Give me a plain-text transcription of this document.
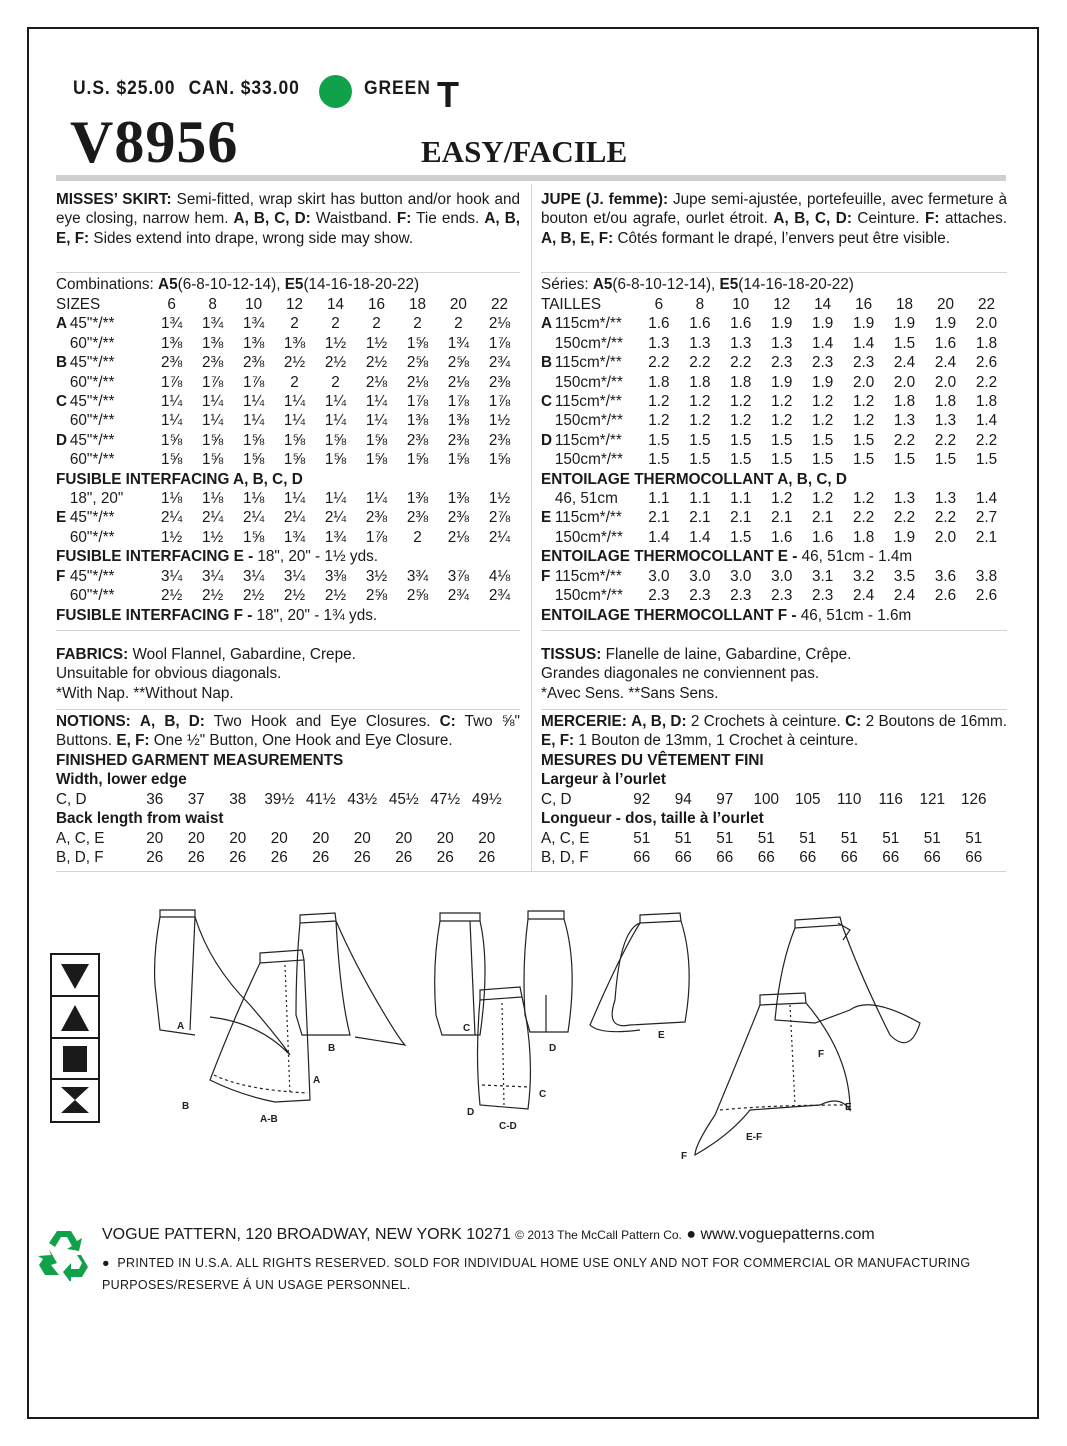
U.S. $25.00 CAN. $33.00	GREEN T
V8956	EASY/FACILE

MISSES’ SKIRT: Semi-fitted, wrap skirt has button and/or hook and eye closing, narrow hem. A, B, C, D: Waistband. F: Tie ends. A, B, E, F: Sides extend into drape, wrong side may show.

Combinations: A5(6-8-10-12-14), E5(14-16-18-20-22)
SIZES		6	8	10	12	14	16	18	20	22
A	45"*/**	1¾	1¾	1¾	2	2	2	2	2	2⅛
	60"*/**	1⅜	1⅜	1⅜	1⅜	1½	1½	1⅝	1¾	1⅞
B	45"*/**	2⅜	2⅜	2⅜	2½	2½	2½	2⅝	2⅝	2¾
	60"*/**	1⅞	1⅞	1⅞	2	2	2⅛	2⅛	2⅛	2⅜
C	45"*/**	1¼	1¼	1¼	1¼	1¼	1¼	1⅞	1⅞	1⅞
	60"*/**	1¼	1¼	1¼	1¼	1¼	1¼	1⅜	1⅜	1½
D	45"*/**	1⅝	1⅝	1⅝	1⅝	1⅝	1⅝	2⅜	2⅜	2⅜
	60"*/**	1⅝	1⅝	1⅝	1⅝	1⅝	1⅝	1⅝	1⅝	1⅝
FUSIBLE INTERFACING A, B, C, D										
	18", 20"	1⅛	1⅛	1⅛	1¼	1¼	1¼	1⅜	1⅜	1½
E	45"*/**	2¼	2¼	2¼	2¼	2¼	2⅜	2⅜	2⅜	2⅞
	60"*/**	1½	1½	1⅝	1¾	1¾	1⅞	2	2⅛	2¼
FUSIBLE INTERFACING E - 18", 20" - 1½ yds.										
F	45"*/**	3¼	3¼	3¼	3¼	3⅜	3½	3¾	3⅞	4⅛
	60"*/**	2½	2½	2½	2½	2½	2⅝	2⅝	2¾	2¾
FUSIBLE INTERFACING F - 18", 20" - 1¾ yds.										

FABRICS: Wool Flannel, Gabardine, Crepe.

Unsuitable for obvious diagonals.

*With Nap. **Without Nap.

NOTIONS: A, B, D: Two Hook and Eye Closures. C: Two ⅝" Buttons. E, F: One ½" Button, One Hook and Eye Closure.

FINISHED GARMENT MEASUREMENTS

Width, lower edge

C, D	36	37	38	39½	41½	43½	45½	47½	49½

Back length from waist

A, C, E	20	20	20	20	20	20	20	20	20
B, D, F	26	26	26	26	26	26	26	26	26

JUPE (J. femme): Jupe semi-ajustée, portefeuille, avec fermeture à bouton et/ou agrafe, ourlet étroit. A, B, C, D: Ceinture. F: attaches. A, B, E, F: Côtés formant le drapé, l’envers peut être visible.

Séries: A5(6-8-10-12-14), E5(14-16-18-20-22)
TAILLES		6	8	10	12	14	16	18	20	22
A	115cm*/**	1.6	1.6	1.6	1.9	1.9	1.9	1.9	1.9	2.0
	150cm*/**	1.3	1.3	1.3	1.3	1.4	1.4	1.5	1.6	1.8
B	115cm*/**	2.2	2.2	2.2	2.3	2.3	2.3	2.4	2.4	2.6
	150cm*/**	1.8	1.8	1.8	1.9	1.9	2.0	2.0	2.0	2.2
C	115cm*/**	1.2	1.2	1.2	1.2	1.2	1.2	1.8	1.8	1.8
	150cm*/**	1.2	1.2	1.2	1.2	1.2	1.2	1.3	1.3	1.4
D	115cm*/**	1.5	1.5	1.5	1.5	1.5	1.5	2.2	2.2	2.2
	150cm*/**	1.5	1.5	1.5	1.5	1.5	1.5	1.5	1.5	1.5
ENTOILAGE THERMOCOLLANT A, B, C, D										
	46, 51cm	1.1	1.1	1.1	1.2	1.2	1.2	1.3	1.3	1.4
E	115cm*/**	2.1	2.1	2.1	2.1	2.1	2.2	2.2	2.2	2.7
	150cm*/**	1.4	1.4	1.5	1.6	1.6	1.8	1.9	2.0	2.1
ENTOILAGE THERMOCOLLANT E - 46, 51cm - 1.4m										
F	115cm*/**	3.0	3.0	3.0	3.0	3.1	3.2	3.5	3.6	3.8
	150cm*/**	2.3	2.3	2.3	2.3	2.3	2.4	2.4	2.6	2.6
ENTOILAGE THERMOCOLLANT F - 46, 51cm - 1.6m										

TISSUS: Flanelle de laine, Gabardine, Crêpe.

Grandes diagonales ne conviennent pas.

*Avec Sens. **Sans Sens.

MERCERIE: A, B, D: 2 Crochets à ceinture. C: 2 Boutons de 16mm. E, F: 1 Bouton de 13mm, 1 Crochet à ceinture.

MESURES DU VÊTEMENT FINI

Largeur à l’ourlet

C, D	92	94	97	100	105	110	116	121	126

Longueur - dos, taille à l’ourlet

A, C, E	51	51	51	51	51	51	51	51	51
B, D, F	66	66	66	66	66	66	66	66	66
A
B
A
B
A-B
C
D
C
D
C-D
E
F
E
F
E-F
VOGUE PATTERN, 120 BROADWAY, NEW YORK 10271 © 2013 The McCall Pattern Co. ● www.voguepatterns.com
● PRINTED IN U.S.A. ALL RIGHTS RESERVED. SOLD FOR INDIVIDUAL HOME USE ONLY AND NOT FOR COMMERCIAL OR MANUFACTURING PURPOSES/RESERVE Á UN USAGE PERSONNEL.
